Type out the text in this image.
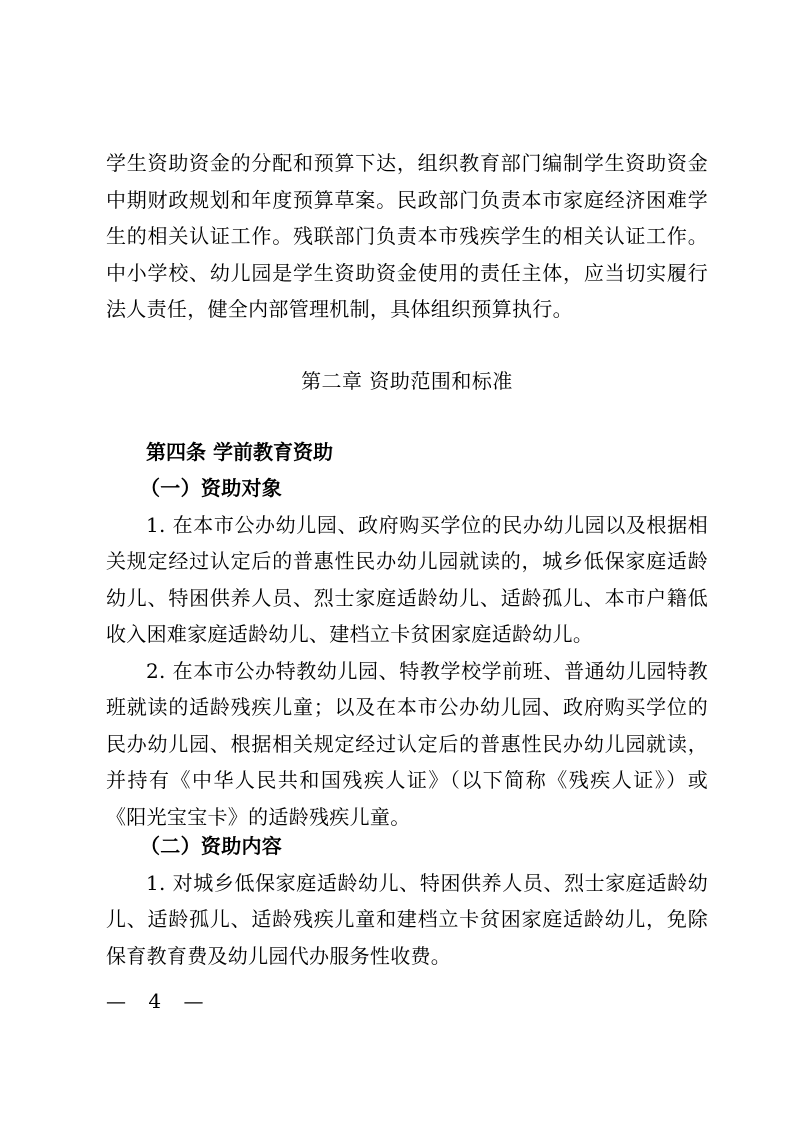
学生资助资金的分配和预算下达，组织教育部门编制学生资助资金中期财政规划和年度预算草案。民政部门负责本市家庭经济困难学生的相关认证工作。残联部门负责本市残疾学生的相关认证工作。中小学校、幼儿园是学生资助资金使用的责任主体，应当切实履行法人责任，健全内部管理机制，具体组织预算执行。

第二章 资助范围和标准

第四条 学前教育资助

（一）资助对象

1. 在本市公办幼儿园、政府购买学位的民办幼儿园以及根据相关规定经过认定后的普惠性民办幼儿园就读的，城乡低保家庭适龄幼儿、特困供养人员、烈士家庭适龄幼儿、适龄孤儿、本市户籍低收入困难家庭适龄幼儿、建档立卡贫困家庭适龄幼儿。

2. 在本市公办特教幼儿园、特教学校学前班、普通幼儿园特教班就读的适龄残疾儿童；以及在本市公办幼儿园、政府购买学位的民办幼儿园、根据相关规定经过认定后的普惠性民办幼儿园就读，并持有《中华人民共和国残疾人证》（以下简称《残疾人证》）或《阳光宝宝卡》的适龄残疾儿童。

（二）资助内容

1. 对城乡低保家庭适龄幼儿、特困供养人员、烈士家庭适龄幼儿、适龄孤儿、适龄残疾儿童和建档立卡贫困家庭适龄幼儿，免除保育教育费及幼儿园代办服务性收费。

— 4 —
